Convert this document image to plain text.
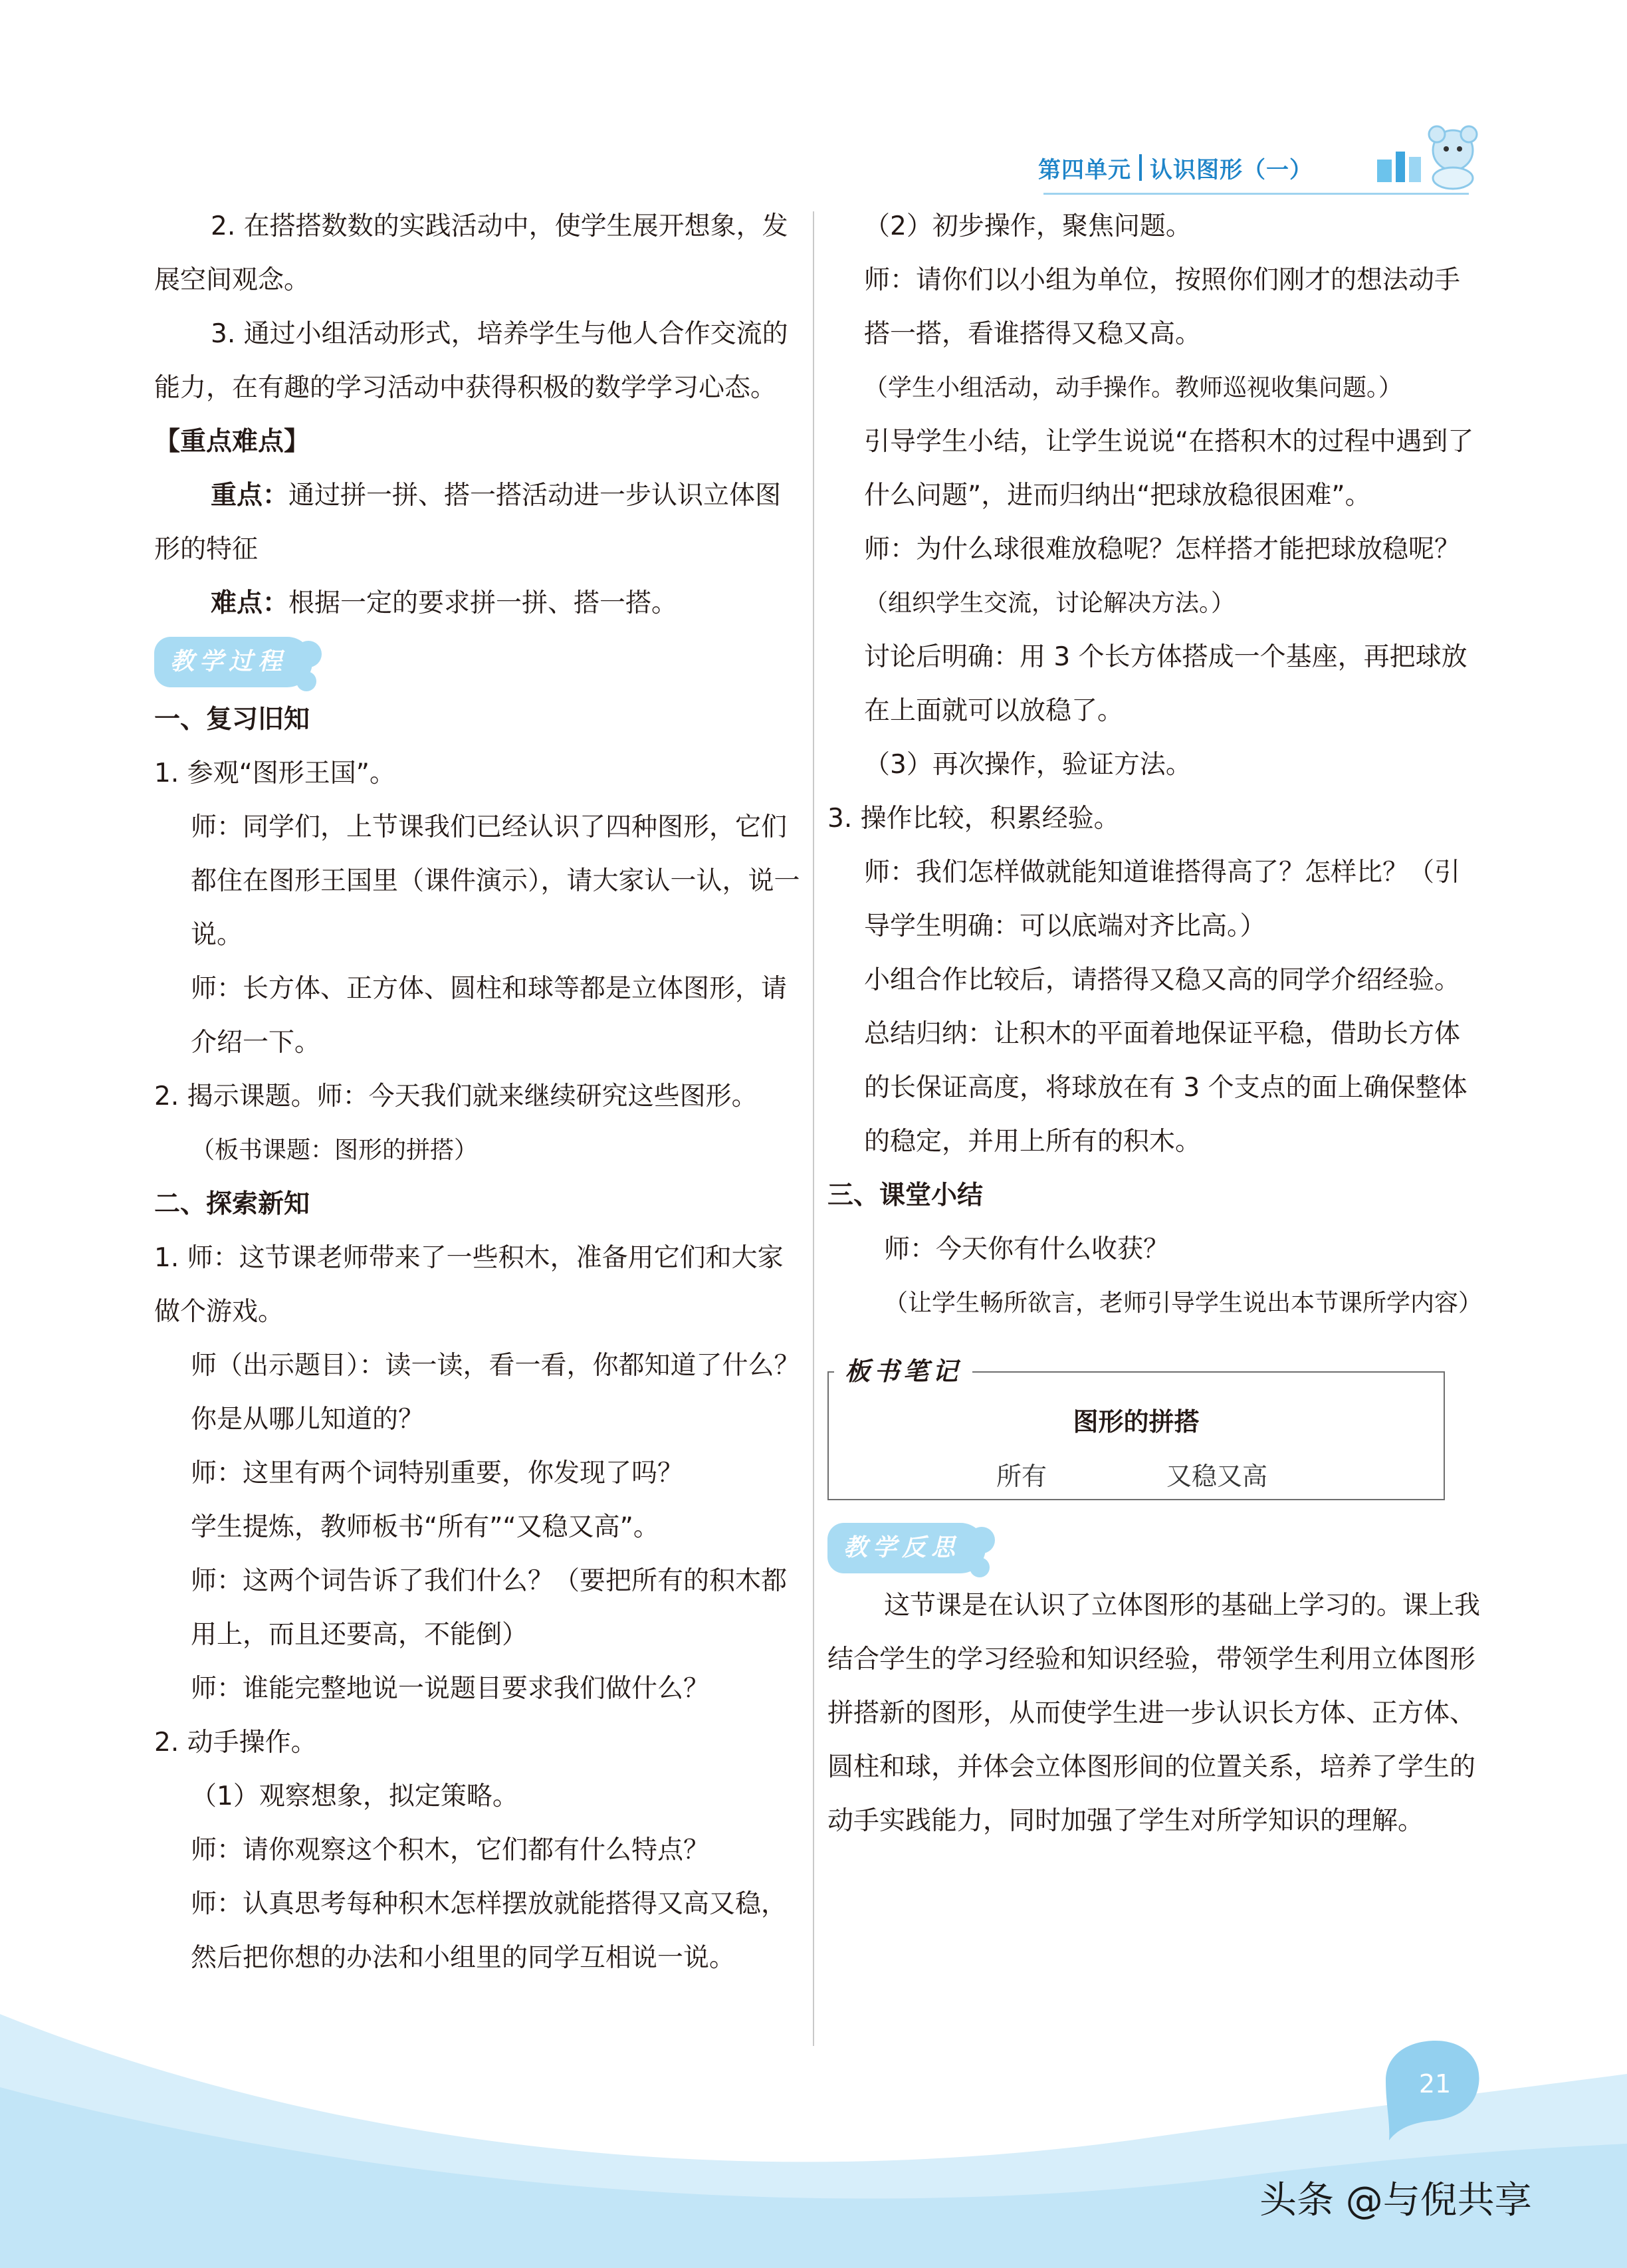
第四单元 认识图形（一）

2. 在搭搭数数的实践活动中，使学生展开想象，发展空间观念。

3. 通过小组活动形式，培养学生与他人合作交流的能力，在有趣的学习活动中获得积极的数学学习心态。

【重点难点】

重点：通过拼一拼、搭一搭活动进一步认识立体图形的特征

难点：根据一定的要求拼一拼、搭一搭。

教学过程

一、复习旧知

1. 参观“图形王国”。

师：同学们，上节课我们已经认识了四种图形，它们都住在图形王国里（课件演示），请大家认一认，说一说。

师：长方体、正方体、圆柱和球等都是立体图形，请介绍一下。

2. 揭示课题。师：今天我们就来继续研究这些图形。

（板书课题：图形的拼搭）

二、探索新知

1. 师：这节课老师带来了一些积木，准备用它们和大家做个游戏。

师（出示题目）：读一读，看一看，你都知道了什么？你是从哪儿知道的？

师：这里有两个词特别重要，你发现了吗？

学生提炼，教师板书“所有”“又稳又高”。

师：这两个词告诉了我们什么？（要把所有的积木都用上，而且还要高，不能倒）

师：谁能完整地说一说题目要求我们做什么？

2. 动手操作。

（1）观察想象，拟定策略。

师：请你观察这个积木，它们都有什么特点？

师：认真思考每种积木怎样摆放就能搭得又高又稳，然后把你想的办法和小组里的同学互相说一说。

（2）初步操作，聚焦问题。

师：请你们以小组为单位，按照你们刚才的想法动手搭一搭，看谁搭得又稳又高。

（学生小组活动，动手操作。教师巡视收集问题。）

引导学生小结，让学生说说“在搭积木的过程中遇到了什么问题”，进而归纳出“把球放稳很困难”。

师：为什么球很难放稳呢？怎样搭才能把球放稳呢？

（组织学生交流，讨论解决方法。）

讨论后明确：用 3 个长方体搭成一个基座，再把球放在上面就可以放稳了。

（3）再次操作，验证方法。

3. 操作比较，积累经验。

师：我们怎样做就能知道谁搭得高了？怎样比？（引导学生明确：可以底端对齐比高。）

小组合作比较后，请搭得又稳又高的同学介绍经验。

总结归纳：让积木的平面着地保证平稳，借助长方体的长保证高度，将球放在有 3 个支点的面上确保整体的稳定，并用上所有的积木。

三、课堂小结

师：今天你有什么收获？

（让学生畅所欲言，老师引导学生说出本节课所学内容）

板书笔记
图形的拼搭
所有	又稳又高
教学反思

这节课是在认识了立体图形的基础上学习的。课上我结合学生的学习经验和知识经验，带领学生利用立体图形拼搭新的图形，从而使学生进一步认识长方体、正方体、圆柱和球，并体会立体图形间的位置关系，培养了学生的动手实践能力，同时加强了学生对所学知识的理解。

21
头条 @与倪共享
